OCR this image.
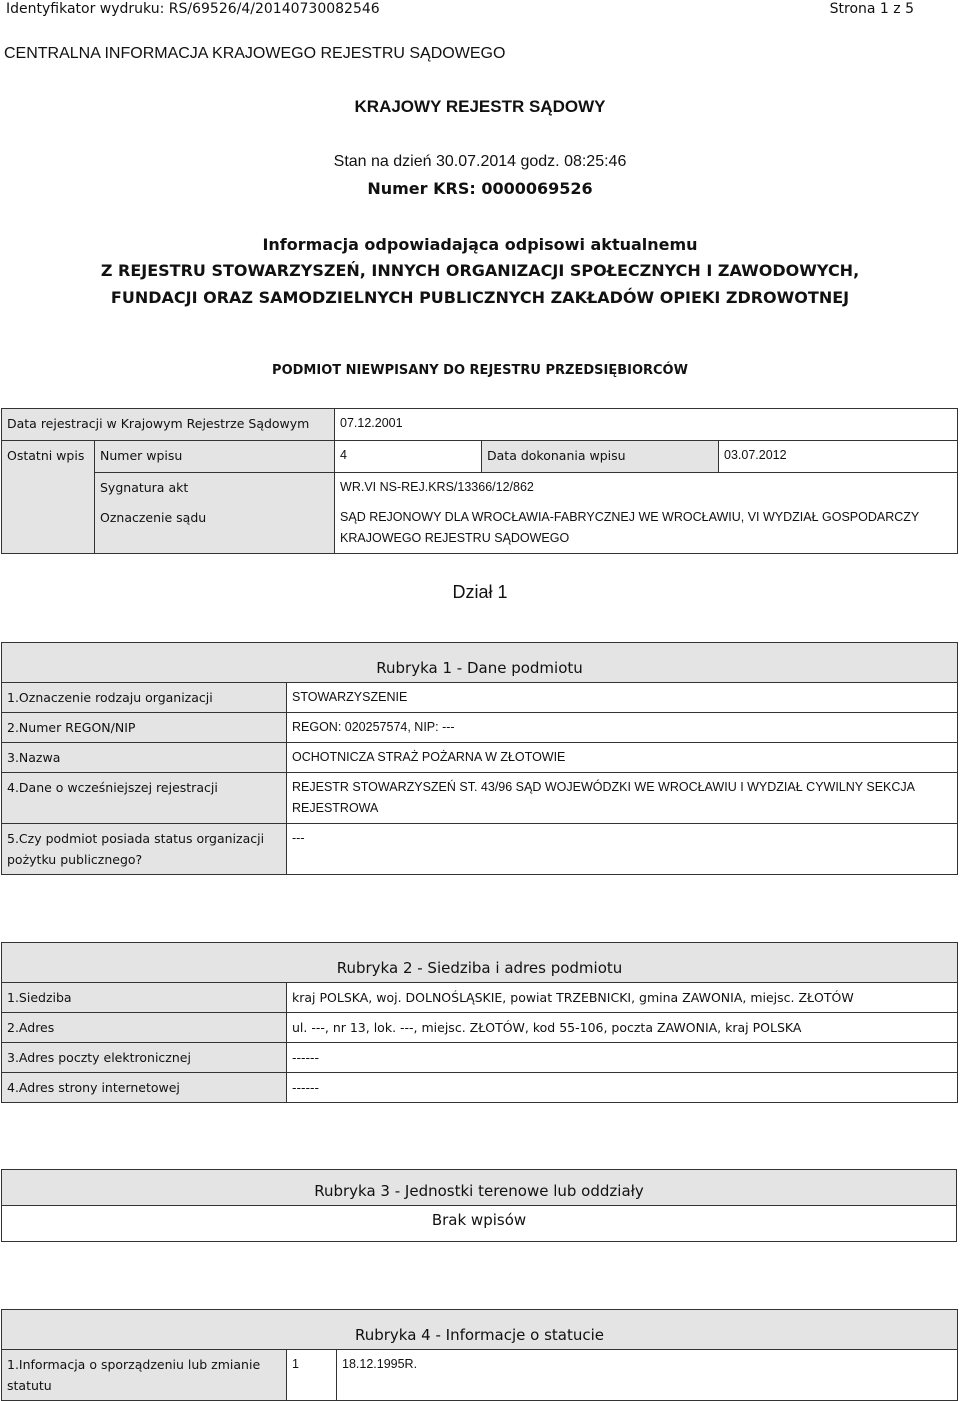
Identyfikator wydruku: RS/69526/4/20140730082546	Strona 1 z 5
CENTRALNA INFORMACJA KRAJOWEGO REJESTRU SĄDOWEGO
KRAJOWY REJESTR SĄDOWY
Stan na dzień 30.07.2014 godz. 08:25:46
Numer KRS: 0000069526
Informacja odpowiadająca odpisowi aktualnemu
Z REJESTRU STOWARZYSZEŃ, INNYCH ORGANIZACJI SPOŁECZNYCH I ZAWODOWYCH,
FUNDACJI ORAZ SAMODZIELNYCH PUBLICZNYCH ZAKŁADÓW OPIEKI ZDROWOTNEJ
PODMIOT NIEWPISANY DO REJESTRU PRZEDSIĘBIORCÓW
Data rejestracji w Krajowym Rejestrze Sądowym		07.12.2001		
Ostatni wpis	Numer wpisu	4	Data dokonania wpisu	03.07.2012
	Sygnatura akt	WR.VI NS-REJ.KRS/13366/12/862		
	Oznaczenie sądu	SĄD REJONOWY DLA WROCŁAWIA-FABRYCZNEJ WE WROCŁAWIU, VI WYDZIAŁ GOSPODARCZY KRAJOWEGO REJESTRU SĄDOWEGO		
Dział 1
Rubryka 1 - Dane podmiotu	
1.Oznaczenie rodzaju organizacji	STOWARZYSZENIE
2.Numer REGON/NIP	REGON: 020257574, NIP: ---
3.Nazwa	OCHOTNICZA STRAŻ POŻARNA W ZŁOTOWIE
4.Dane o wcześniejszej rejestracji	REJESTR STOWARZYSZEŃ ST. 43/96 SĄD WOJEWÓDZKI WE WROCŁAWIU I WYDZIAŁ CYWILNY SEKCJA REJESTROWA
5.Czy podmiot posiada status organizacji pożytku publicznego?	---
Rubryka 2 - Siedziba i adres podmiotu	
1.Siedziba	kraj POLSKA, woj. DOLNOŚLĄSKIE, powiat TRZEBNICKI, gmina ZAWONIA, miejsc. ZŁOTÓW
2.Adres	ul. ---, nr 13, lok. ---, miejsc. ZŁOTÓW, kod 55-106, poczta ZAWONIA, kraj POLSKA
3.Adres poczty elektronicznej	------
4.Adres strony internetowej	------
Rubryka 3 - Jednostki terenowe lub oddziały
Brak wpisów
Rubryka 4 - Informacje o statucie
1.Informacja o sporządzeniu lub zmianie statutu	1	18.12.1995R.
